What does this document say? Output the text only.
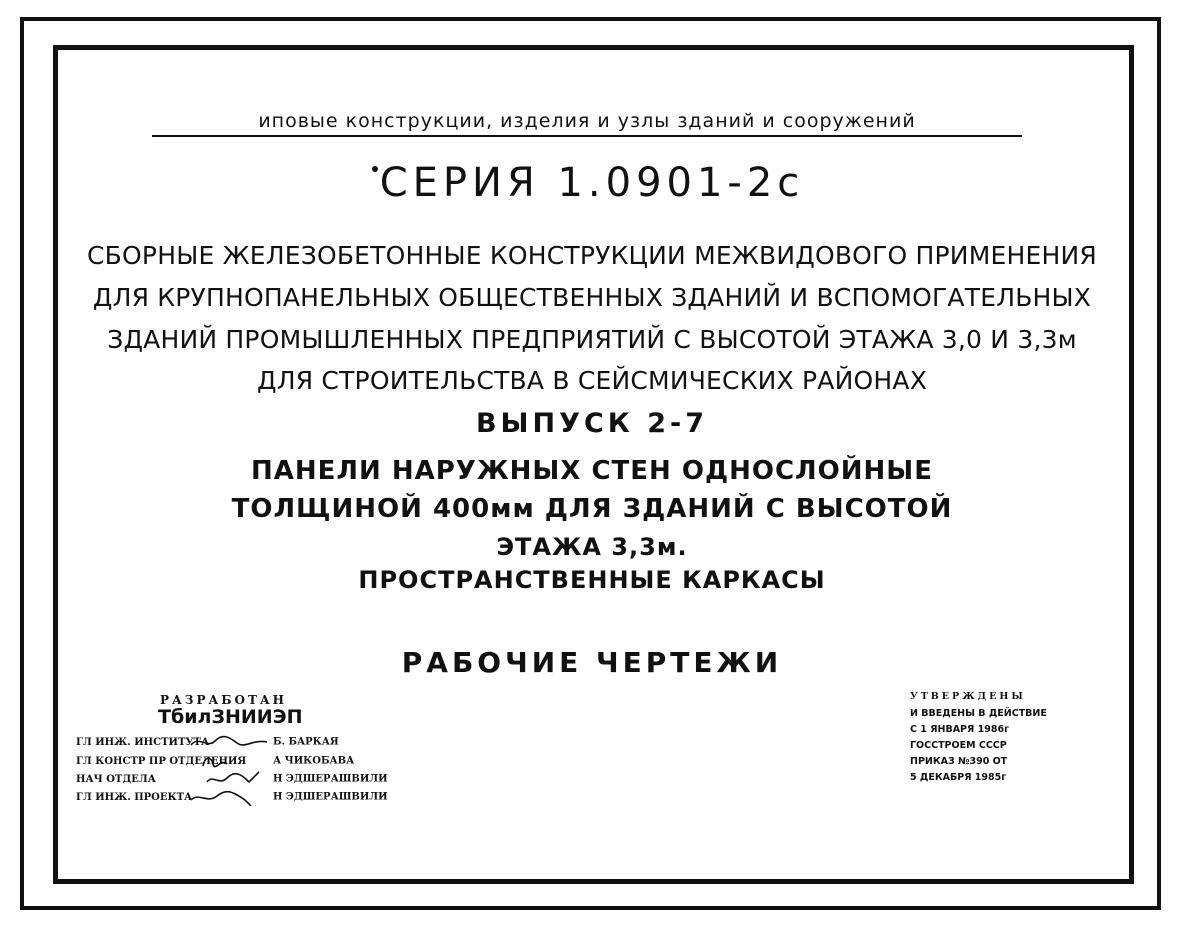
иповые конструкции, изделия и узлы зданий и сооружений
СЕРИЯ 1.0901-2с
СБОРНЫЕ ЖЕЛЕЗОБЕТОННЫЕ КОНСТРУКЦИИ МЕЖВИДОВОГО ПРИМЕНЕНИЯ
ДЛЯ КРУПНОПАНЕЛЬНЫХ ОБЩЕСТВЕННЫХ ЗДАНИЙ И ВСПОМОГАТЕЛЬНЫХ
ЗДАНИЙ ПРОМЫШЛЕННЫХ ПРЕДПРИЯТИЙ С ВЫСОТОЙ ЭТАЖА 3,0 И 3,3м
ДЛЯ СТРОИТЕЛЬСТВА В СЕЙСМИЧЕСКИХ РАЙОНАХ
ВЫПУСК 2-7
ПАНЕЛИ НАРУЖНЫХ СТЕН ОДНОСЛОЙНЫЕ
ТОЛЩИНОЙ 400мм ДЛЯ ЗДАНИЙ С ВЫСОТОЙ
ЭТАЖА 3,3м.
ПРОСТРАНСТВЕННЫЕ КАРКАСЫ
РАБОЧИЕ ЧЕРТЕЖИ
РАЗРАБОТАН
ТбилЗНИИЭП
ГЛ ИНЖ. ИНСТИТУТА	Б. БАРКАЯ
ГЛ КОНСТР ПР ОТДЕЛЕНИЯ	А ЧИКОБАВА
НАЧ ОТДЕЛА	Н ЭДШЕРАШВИЛИ
ГЛ ИНЖ. ПРОЕКТА	Н ЭДШЕРАШВИЛИ
УТВЕРЖДЕНЫ
И ВВЕДЕНЫ В ДЕЙСТВИЕ
С 1 ЯНВАРЯ 1986г
ГОССТРОЕМ СССР
ПРИКАЗ №390 ОТ
5 ДЕКАБРЯ 1985г
